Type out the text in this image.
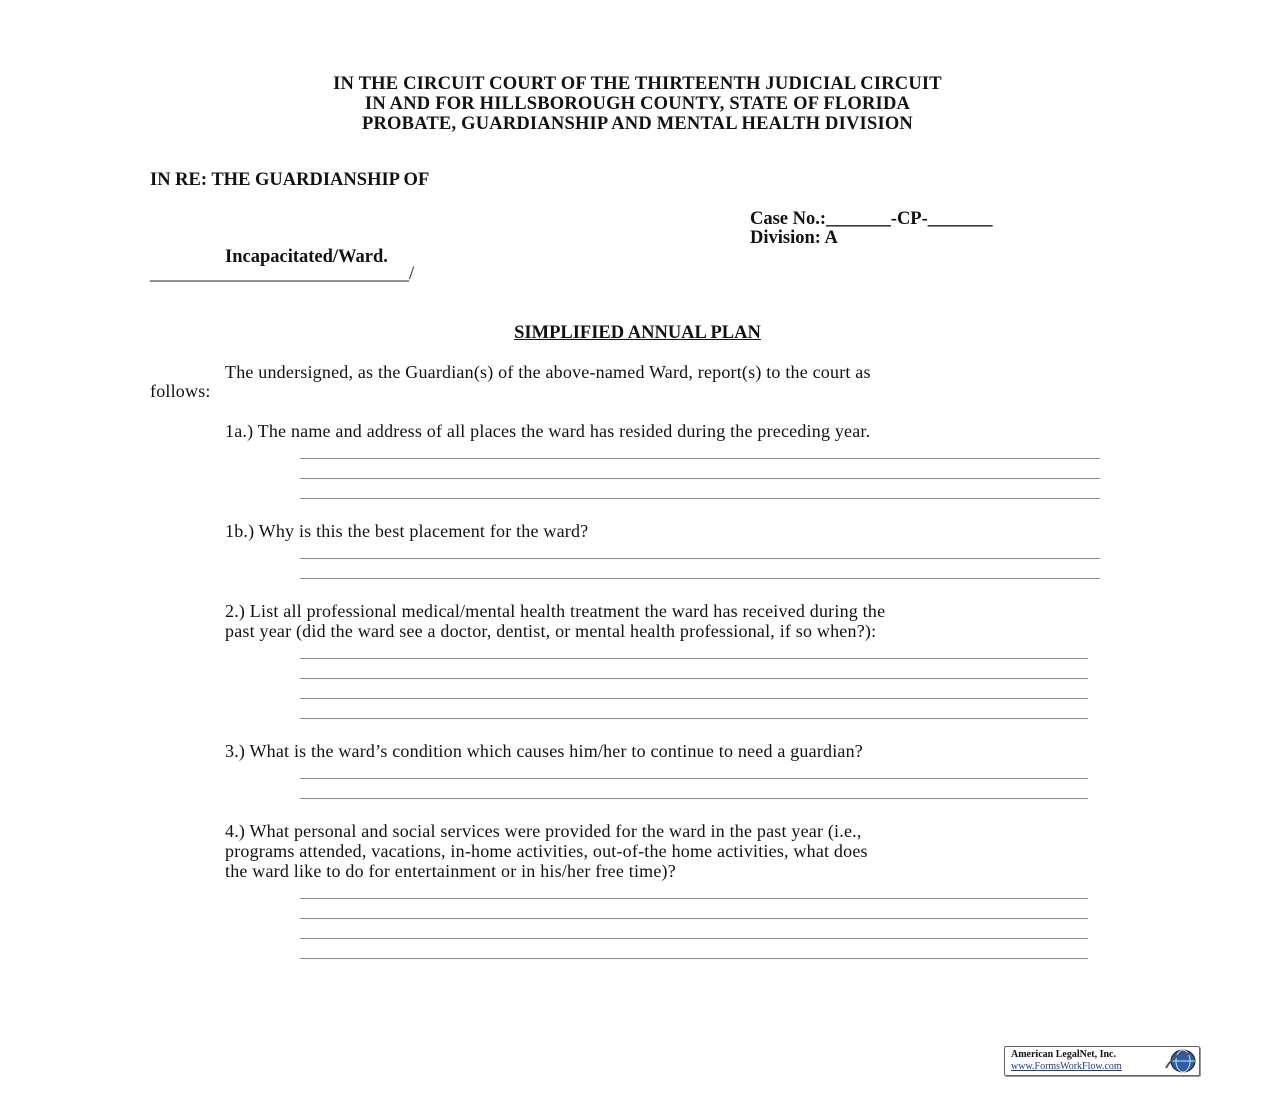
IN THE CIRCUIT COURT OF THE THIRTEENTH JUDICIAL CIRCUIT
IN AND FOR HILLSBOROUGH COUNTY, STATE OF FLORIDA
PROBATE, GUARDIANSHIP AND MENTAL HEALTH DIVISION
IN RE: THE GUARDIANSHIP OF
Case No.:_______-CP-_______
Division: A
Incapacitated/Ward.
____________________________/
SIMPLIFIED ANNUAL PLAN
The undersigned, as the Guardian(s) of the above-named Ward, report(s) to the court as
follows:
1a.) The name and address of all places the ward has resided during the preceding year.
1b.) Why is this the best placement for the ward?
2.) List all professional medical/mental health treatment the ward has received during the
past year (did the ward see a doctor, dentist, or mental health professional, if so when?):
3.) What is the ward’s condition which causes him/her to continue to need a guardian?
4.) What personal and social services were provided for the ward in the past year (i.e.,
programs attended, vacations, in-home activities, out-of-the home activities, what does
the ward like to do for entertainment or in his/her free time)?
American LegalNet, Inc.
www.FormsWorkFlow.com
